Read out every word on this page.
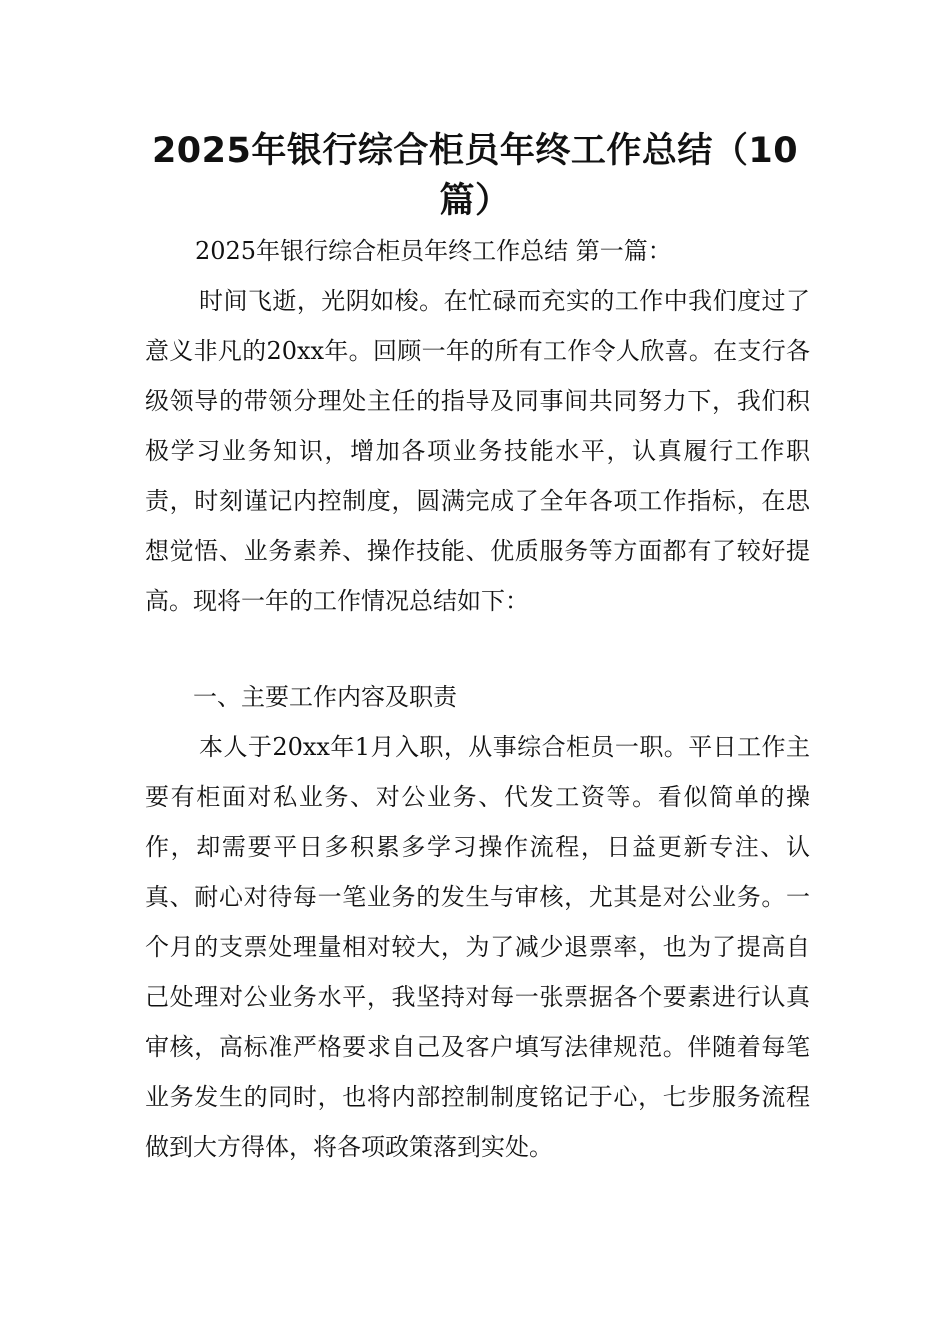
2025年银行综合柜员年终工作总结（10篇）

2025年银行综合柜员年终工作总结 第一篇：

时间飞逝，光阴如梭。在忙碌而充实的工作中我们度过了意义非凡的20xx年。回顾一年的所有工作令人欣喜。在支行各级领导的带领分理处主任的指导及同事间共同努力下，我们积极学习业务知识，增加各项业务技能水平，认真履行工作职责，时刻谨记内控制度，圆满完成了全年各项工作指标，在思想觉悟、业务素养、操作技能、优质服务等方面都有了较好提高。现将一年的工作情况总结如下：

一、主要工作内容及职责

本人于20xx年1月入职，从事综合柜员一职。平日工作主要有柜面对私业务、对公业务、代发工资等。看似简单的操作，却需要平日多积累多学习操作流程，日益更新专注、认真、耐心对待每一笔业务的发生与审核，尤其是对公业务。一个月的支票处理量相对较大，为了减少退票率，也为了提高自己处理对公业务水平，我坚持对每一张票据各个要素进行认真审核，高标准严格要求自己及客户填写法律规范。伴随着每笔业务发生的同时，也将内部控制制度铭记于心，七步服务流程做到大方得体，将各项政策落到实处。
